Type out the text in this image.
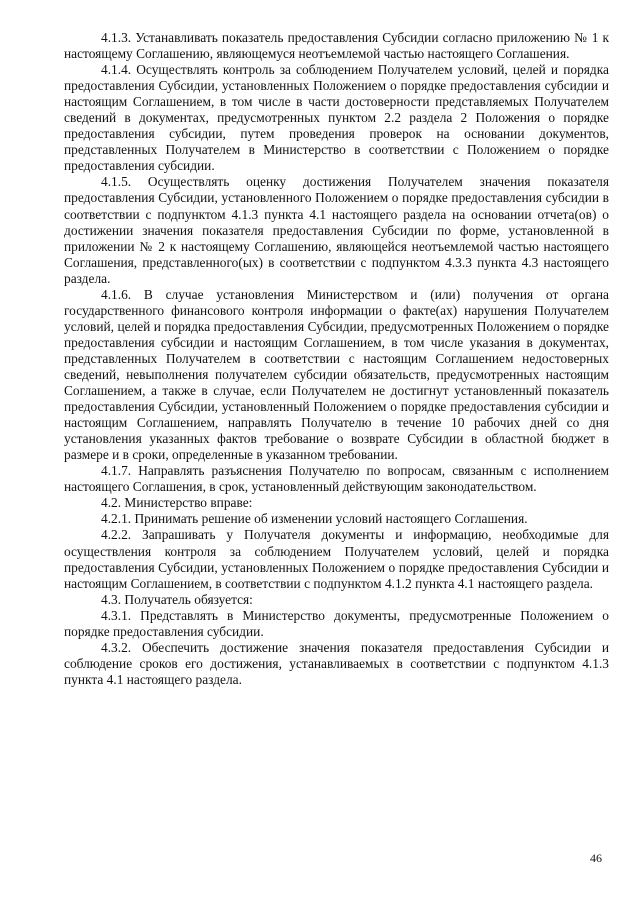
4.1.3. Устанавливать показатель предоставления Субсидии согласно приложению № 1 к настоящему Соглашению, являющемуся неотъемлемой частью настоящего Соглашения.

4.1.4. Осуществлять контроль за соблюдением Получателем условий, целей и порядка предоставления Субсидии, установленных Положением о порядке предоставления субсидии и настоящим Соглашением, в том числе в части достоверности представляемых Получателем сведений в документах, предусмотренных пунктом 2.2 раздела 2 Положения о порядке предоставления субсидии, путем проведения проверок на основании документов, представленных Получателем в Министерство в соответствии с Положением о порядке предоставления субсидии.

4.1.5. Осуществлять оценку достижения Получателем значения показателя предоставления Субсидии, установленного Положением о порядке предоставления субсидии в соответствии с подпунктом 4.1.3 пункта 4.1 настоящего раздела на основании отчета(ов) о достижении значения показателя предоставления Субсидии по форме, установленной в приложении № 2 к настоящему Соглашению, являющейся неотъемлемой частью настоящего Соглашения, представленного(ых) в соответствии с подпунктом 4.3.3 пункта 4.3 настоящего раздела.

4.1.6. В случае установления Министерством и (или) получения от органа государственного финансового контроля информации о факте(ах) нарушения Получателем условий, целей и порядка предоставления Субсидии, предусмотренных Положением о порядке предоставления субсидии и настоящим Соглашением, в том числе указания в документах, представленных Получателем в соответствии с настоящим Соглашением недостоверных сведений, невыполнения получателем субсидии обязательств, предусмотренных настоящим Соглашением, а также в случае, если Получателем не достигнут установленный показатель предоставления Субсидии, установленный Положением о порядке предоставления субсидии и настоящим Соглашением, направлять Получателю в течение 10 рабочих дней со дня установления указанных фактов требование о возврате Субсидии в областной бюджет в размере и в сроки, определенные в указанном требовании.

4.1.7. Направлять разъяснения Получателю по вопросам, связанным с исполнением настоящего Соглашения, в срок, установленный действующим законодательством.

4.2. Министерство вправе:

4.2.1. Принимать решение об изменении условий настоящего Соглашения.

4.2.2. Запрашивать у Получателя документы и информацию, необходимые для осуществления контроля за соблюдением Получателем условий, целей и порядка предоставления Субсидии, установленных Положением о порядке предоставления Субсидии и настоящим Соглашением, в соответствии с подпунктом 4.1.2 пункта 4.1 настоящего раздела.

4.3. Получатель обязуется:

4.3.1. Представлять в Министерство документы, предусмотренные Положением о порядке предоставления субсидии.

4.3.2. Обеспечить достижение значения показателя предоставления Субсидии и соблюдение сроков его достижения, устанавливаемых в соответствии с подпунктом 4.1.3 пункта 4.1 настоящего раздела.

46
